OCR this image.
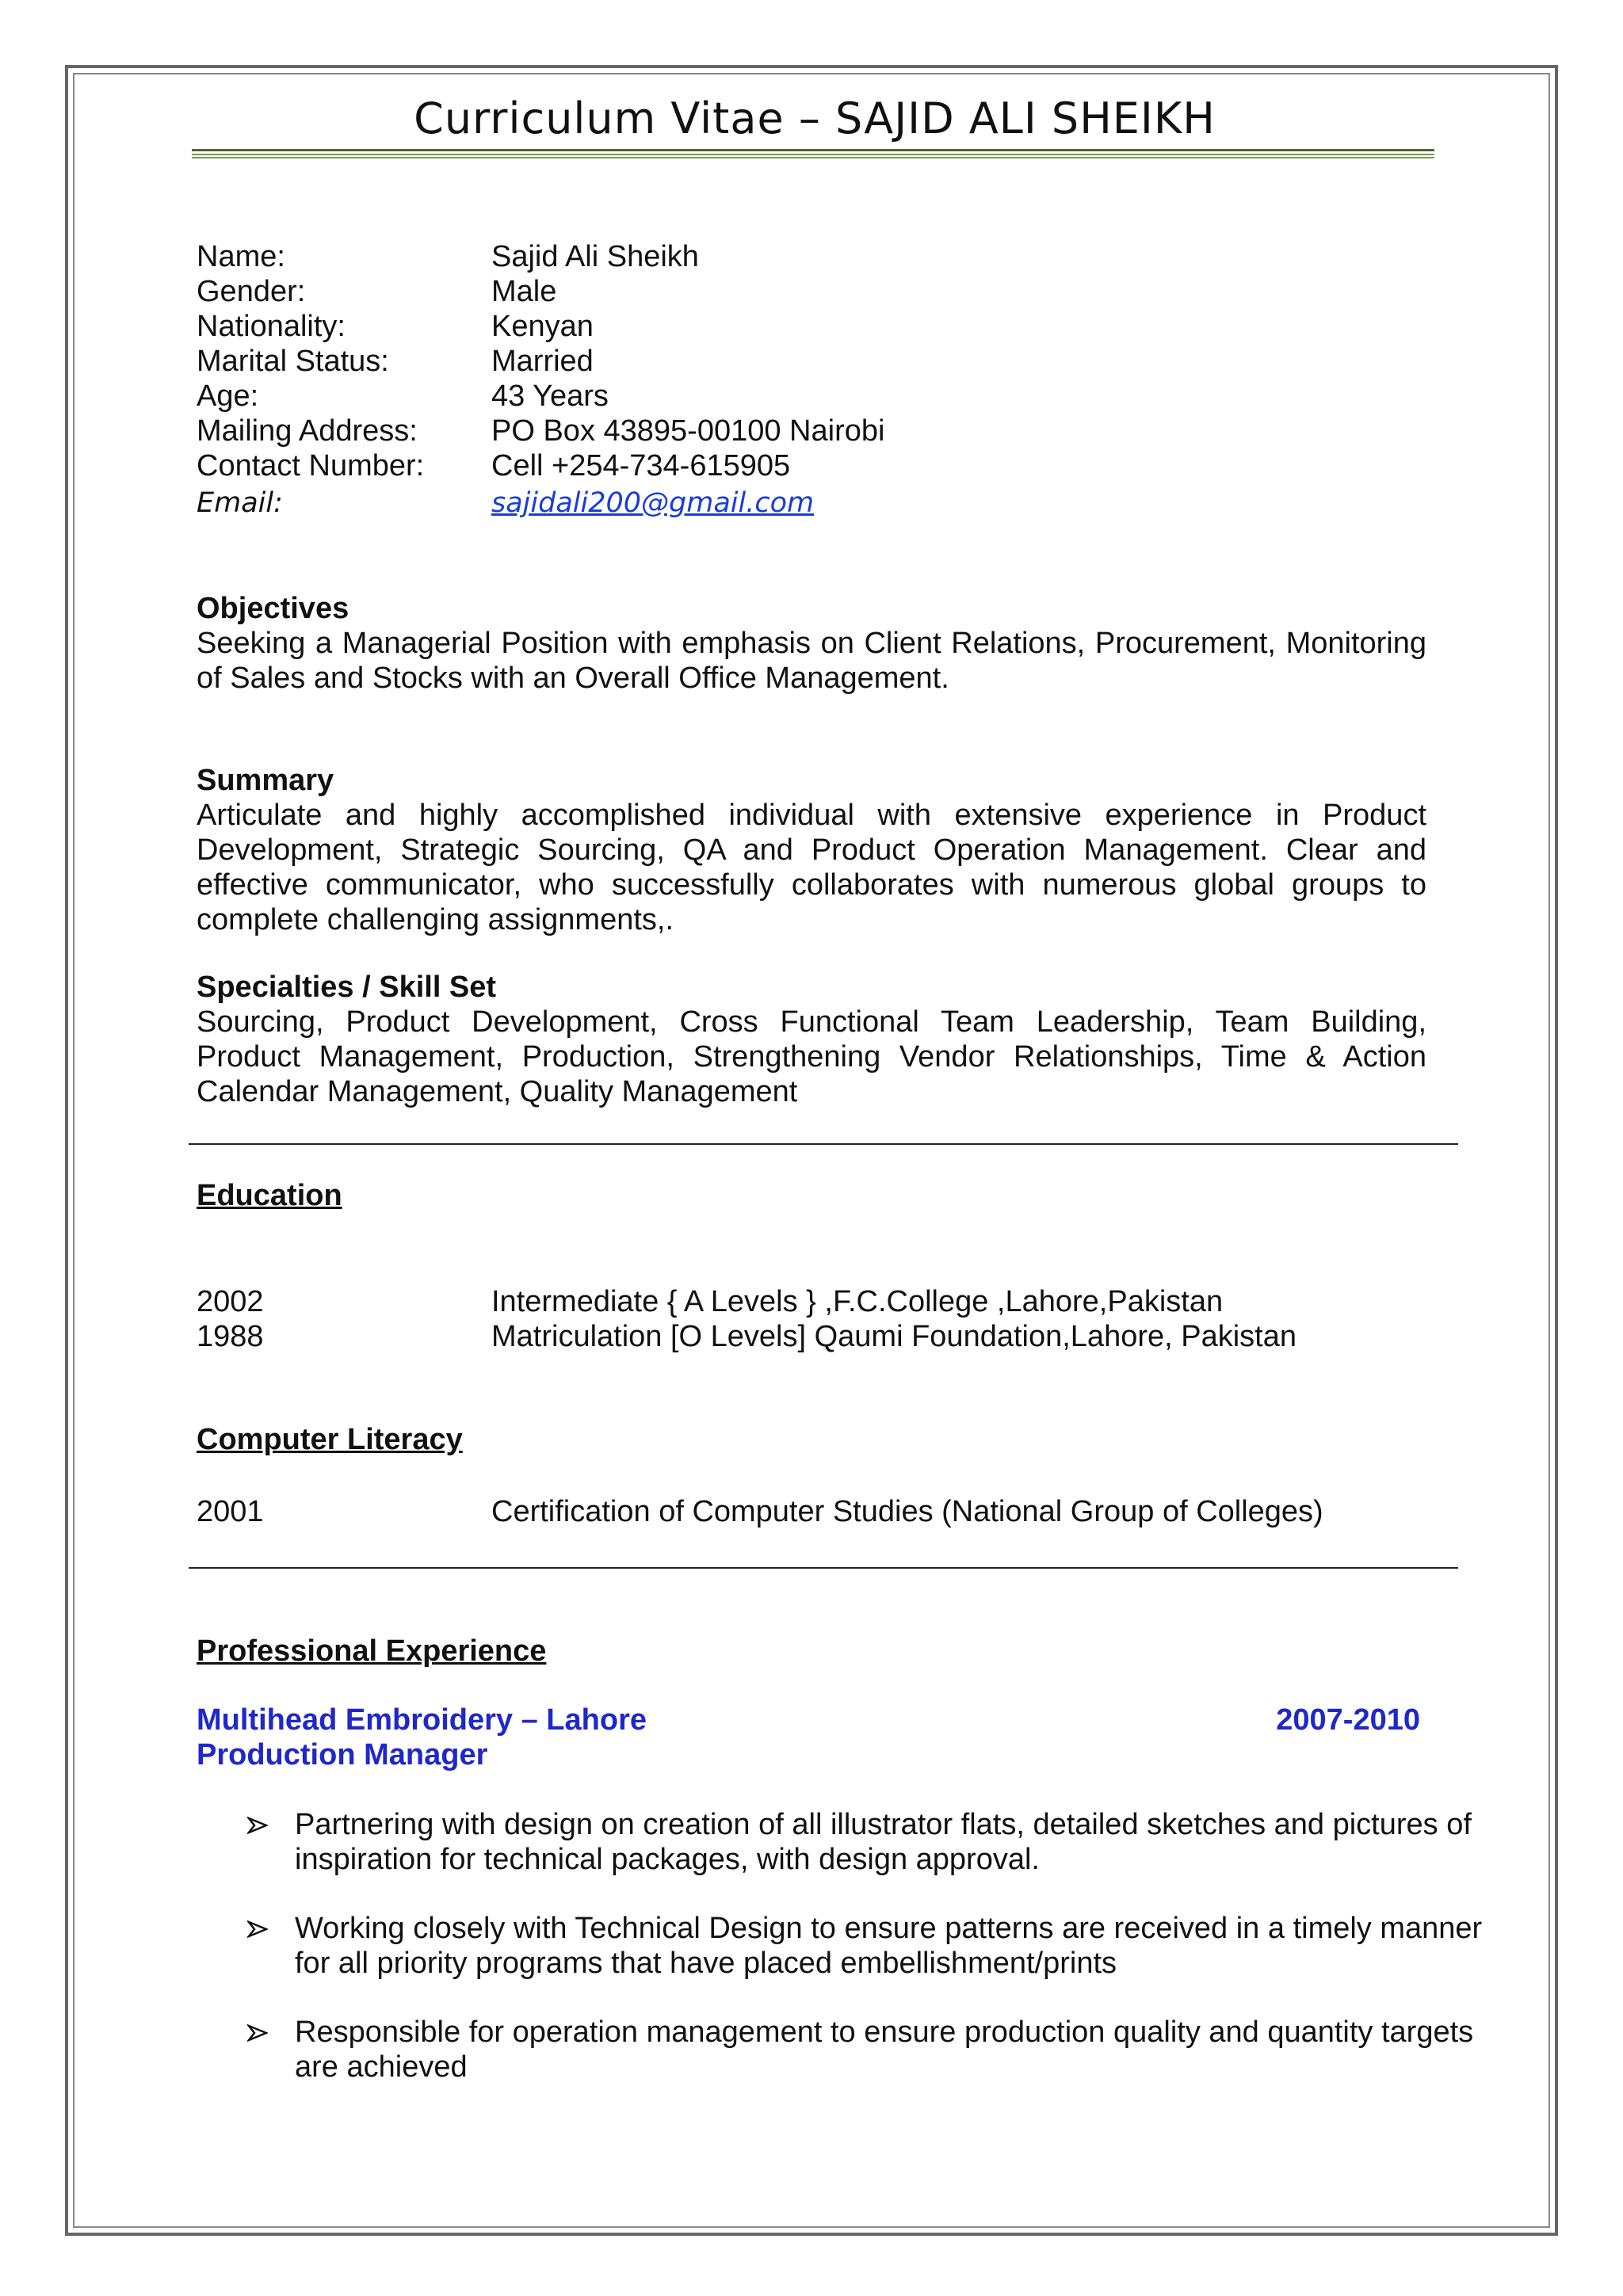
Curriculum Vitae – SAJID ALI SHEIKH
Name:	Sajid Ali Sheikh
Gender:	Male
Nationality:	Kenyan
Marital Status:	Married
Age:	43 Years
Mailing Address:	PO Box 43895-00100 Nairobi
Contact Number:	Cell +254-734-615905
Email:	sajidali200@gmail.com
Objectives
Seeking a Managerial Position with emphasis on Client Relations, Procurement, Monitoring of Sales and Stocks with an Overall Office Management.
Summary
Articulate and highly accomplished individual with extensive experience in Product Development, Strategic Sourcing, QA and Product Operation Management. Clear and effective communicator, who successfully collaborates with numerous global groups to complete challenging assignments,.
Specialties / Skill Set
Sourcing, Product Development, Cross Functional Team Leadership, Team Building, Product Management, Production, Strengthening Vendor Relationships, Time & Action Calendar Management, Quality Management
Education
2002	Intermediate { A Levels } ,F.C.College ,Lahore,Pakistan
1988	Matriculation [O Levels] Qaumi Foundation,Lahore, Pakistan
Computer Literacy
2001	Certification of Computer Studies (National Group of Colleges)
Professional Experience
Multihead Embroidery – Lahore	2007-2010
Production Manager
Partnering with design on creation of all illustrator flats, detailed sketches and pictures of inspiration for technical packages, with design approval.
Working closely with Technical Design to ensure patterns are received in a timely manner for all priority programs that have placed embellishment/prints
Responsible for operation management to ensure production quality and quantity targets are achieved
